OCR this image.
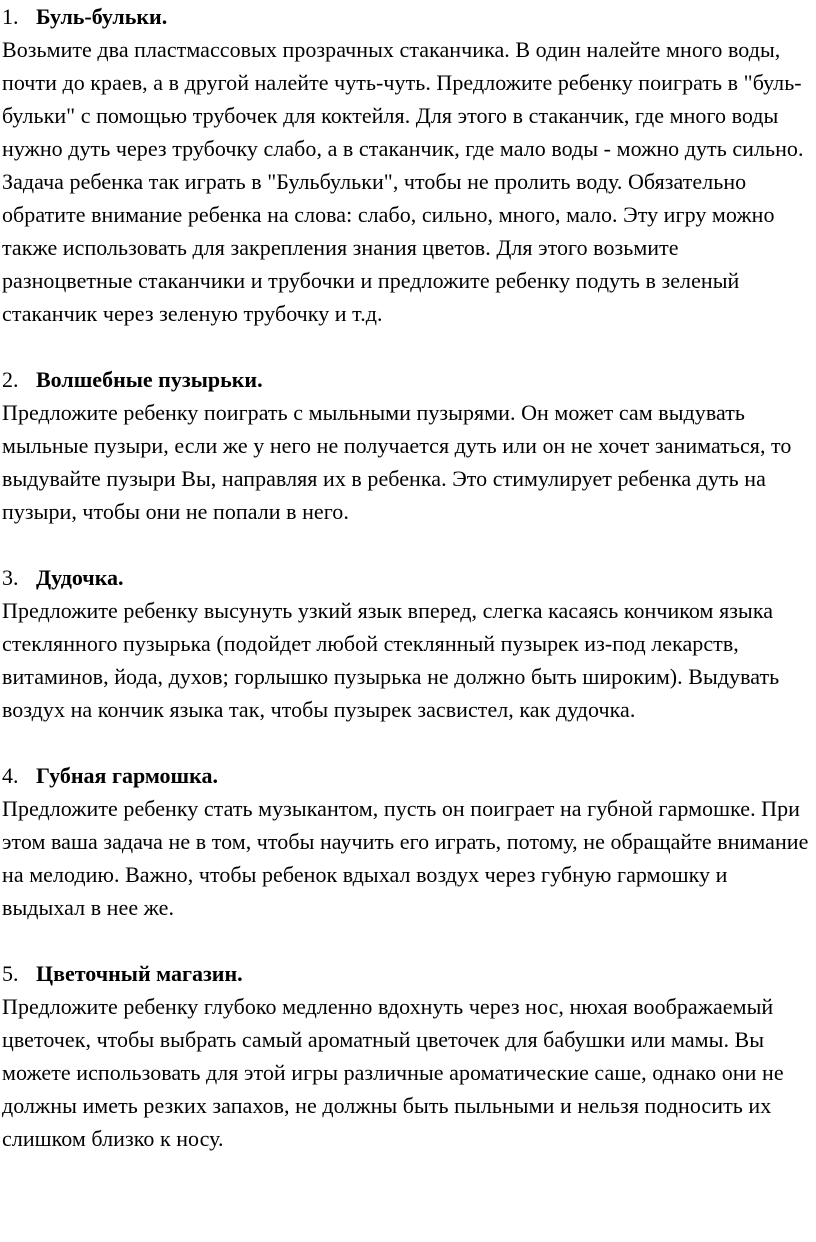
1. Буль-бульки.

Возьмите два пластмассовых прозрачных стаканчика. В один налейте много воды, почти до краев, а в другой налейте чуть-чуть. Предложите ребенку поиграть в "буль-бульки" с помощью трубочек для коктейля. Для этого в стаканчик, где много воды нужно дуть через трубочку слабо, а в стаканчик, где мало воды - можно дуть сильно. Задача ребенка так играть в "Бульбульки", чтобы не пролить воду. Обязательно обратите внимание ребенка на слова: слабо, сильно, много, мало. Эту игру можно также использовать для закрепления знания цветов. Для этого возьмите разноцветные стаканчики и трубочки и предложите ребенку подуть в зеленый стаканчик через зеленую трубочку и т.д.

2. Волшебные пузырьки.

Предложите ребенку поиграть с мыльными пузырями. Он может сам выдувать мыльные пузыри, если же у него не получается дуть или он не хочет заниматься, то выдувайте пузыри Вы, направляя их в ребенка. Это стимулирует ребенка дуть на пузыри, чтобы они не попали в него.

3. Дудочка.

Предложите ребенку высунуть узкий язык вперед, слегка касаясь кончиком языка стеклянного пузырька (подойдет любой стеклянный пузырек из-под лекарств, витаминов, йода, духов; горлышко пузырька не должно быть широким). Выдувать воздух на кончик языка так, чтобы пузырек засвистел, как дудочка.

4. Губная гармошка.

Предложите ребенку стать музыкантом, пусть он поиграет на губной гармошке. При этом ваша задача не в том, чтобы научить его играть, потому, не обращайте внимание на мелодию. Важно, чтобы ребенок вдыхал воздух через губную гармошку и выдыхал в нее же.

5. Цветочный магазин.

Предложите ребенку глубоко медленно вдохнуть через нос, нюхая воображаемый цветочек, чтобы выбрать самый ароматный цветочек для бабушки или мамы. Вы можете использовать для этой игры различные ароматические саше, однако они не должны иметь резких запахов, не должны быть пыльными и нельзя подносить их слишком близко к носу.
